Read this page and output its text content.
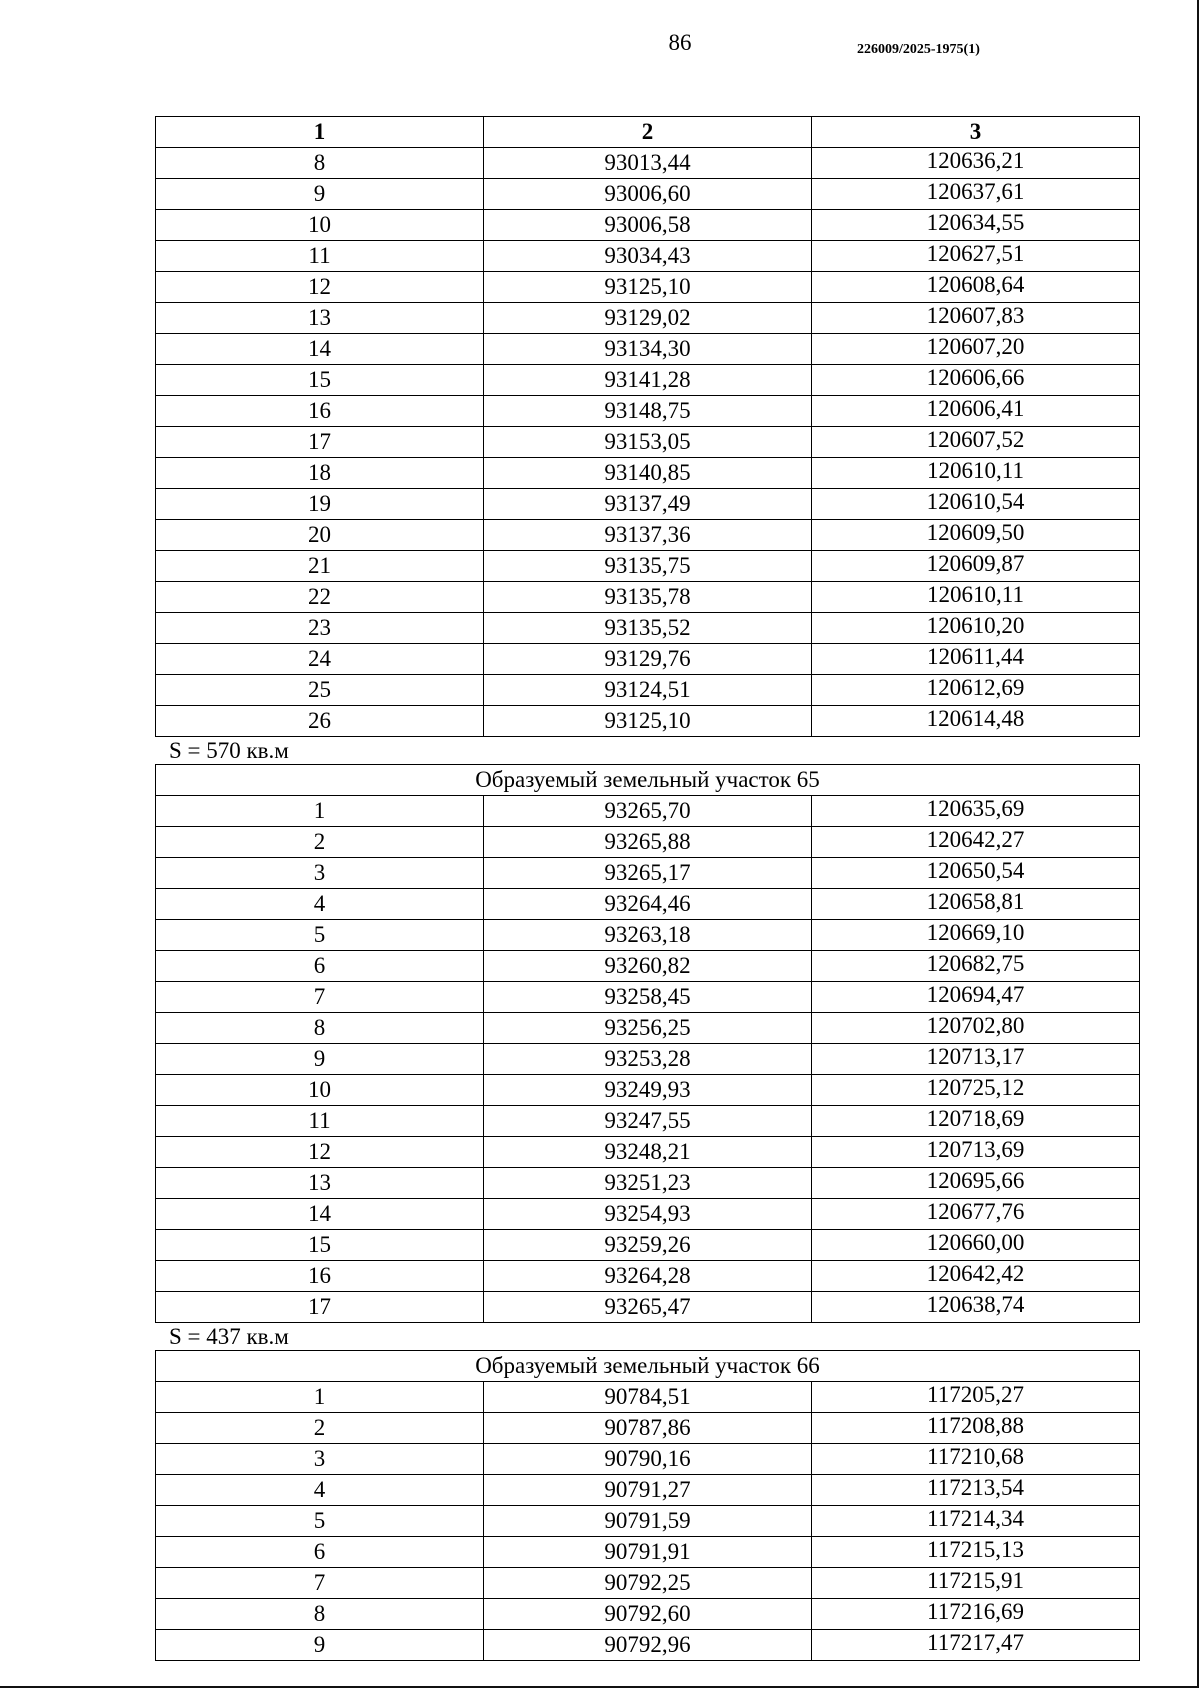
86	226009/2025-1975(1)
1	2	3
8	93013,44	120636,21
9	93006,60	120637,61
10	93006,58	120634,55
11	93034,43	120627,51
12	93125,10	120608,64
13	93129,02	120607,83
14	93134,30	120607,20
15	93141,28	120606,66
16	93148,75	120606,41
17	93153,05	120607,52
18	93140,85	120610,11
19	93137,49	120610,54
20	93137,36	120609,50
21	93135,75	120609,87
22	93135,78	120610,11
23	93135,52	120610,20
24	93129,76	120611,44
25	93124,51	120612,69
26	93125,10	120614,48
S = 570 кв.м
Образуемый земельный участок 65		
1	93265,70	120635,69
2	93265,88	120642,27
3	93265,17	120650,54
4	93264,46	120658,81
5	93263,18	120669,10
6	93260,82	120682,75
7	93258,45	120694,47
8	93256,25	120702,80
9	93253,28	120713,17
10	93249,93	120725,12
11	93247,55	120718,69
12	93248,21	120713,69
13	93251,23	120695,66
14	93254,93	120677,76
15	93259,26	120660,00
16	93264,28	120642,42
17	93265,47	120638,74
S = 437 кв.м
Образуемый земельный участок 66		
1	90784,51	117205,27
2	90787,86	117208,88
3	90790,16	117210,68
4	90791,27	117213,54
5	90791,59	117214,34
6	90791,91	117215,13
7	90792,25	117215,91
8	90792,60	117216,69
9	90792,96	117217,47
